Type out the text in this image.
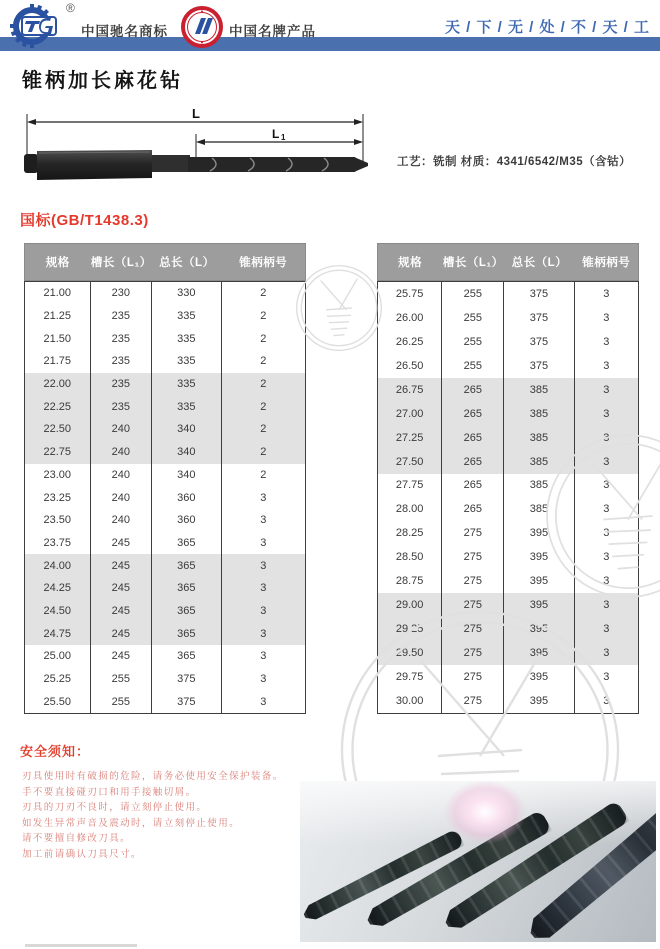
®
中国驰名商标	中国名牌产品	天 / 下 / 无 / 处 / 不 / 天 / 工
锥柄加长麻花钻
L
L 1
工艺：铣制 材质：4341/6542/M35（含钴）
国标(GB/T1438.3)
规格	槽长（L₁） 总长（L）	锥柄柄号
21.00	230	330	2
21.25	235	335	2
21.50	235	335	2
21.75	235	335	2
22.00	235	335	2
22.25	235	335	2
22.50	240	340	2
22.75	240	340	2
23.00	240	340	2
23.25	240	360	3
23.50	240	360	3
23.75	245	365	3
24.00	245	365	3
24.25	245	365	3
24.50	245	365	3
24.75	245	365	3
25.00	245	365	3
25.25	255	375	3
25.50	255	375	3
规格	槽长（L₁） 总长（L）	锥柄柄号
25.75	255	375	3
26.00	255	375	3
26.25	255	375	3
26.50	255	375	3
26.75	265	385	3
27.00	265	385	3
27.25	265	385	3
27.50	265	385	3
27.75	265	385	3
28.00	265	385	3
28.25	275	395	3
28.50	275	395	3
28.75	275	395	3
29.00	275	395	3
29.25	275	395	3
29.50	275	395	3
29.75	275	395	3
30.00	275	395	3
安全须知：

刃具使用时有破损的危险，请务必使用安全保护装备。

手不要直接碰刃口和用手接触切屑。

刃具的刀刃不良时，请立刻停止使用。

如发生异常声音及震动时，请立刻停止使用。

请不要擅自修改刀具。

加工前请确认刀具尺寸。
